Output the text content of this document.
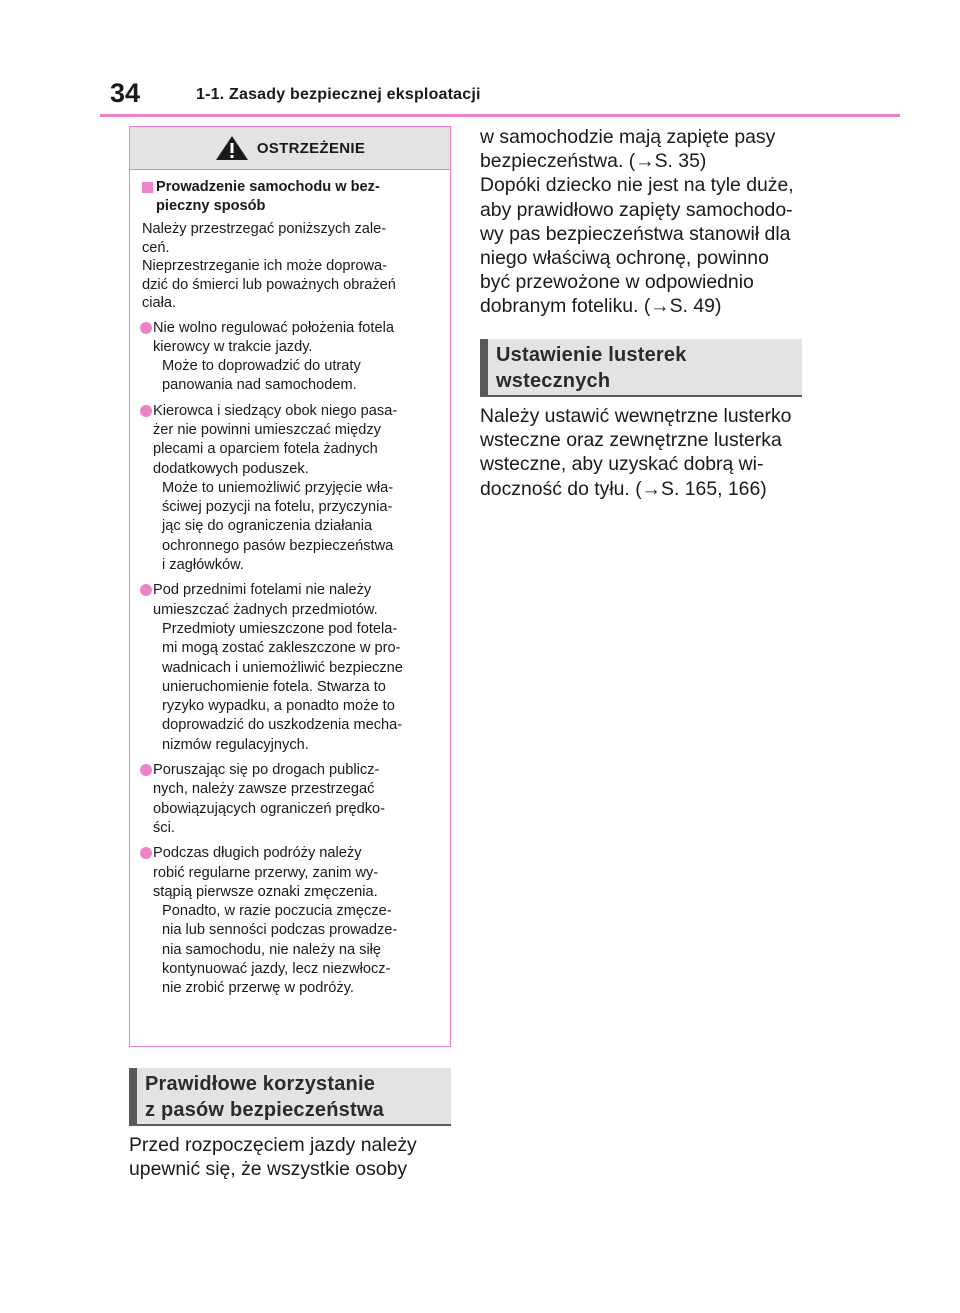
34	1-1. Zasady bezpiecznej eksploatacji
OSTRZEŻENIE
Prowadzenie samochodu w bez-
pieczny sposób
Należy przestrzegać poniższych zale-
ceń.
Nieprzestrzeganie ich może doprowa-
dzić do śmierci lub poważnych obrażeń
ciała.
Nie wolno regulować położenia fotela
kierowcy w trakcie jazdy.
Może to doprowadzić do utraty
panowania nad samochodem.
Kierowca i siedzący obok niego pasa-
żer nie powinni umieszczać między
plecami a oparciem fotela żadnych
dodatkowych poduszek.
Może to uniemożliwić przyjęcie wła-
ściwej pozycji na fotelu, przyczynia-
jąc się do ograniczenia działania
ochronnego pasów bezpieczeństwa
i zagłówków.
Pod przednimi fotelami nie należy
umieszczać żadnych przedmiotów.
Przedmioty umieszczone pod fotela-
mi mogą zostać zakleszczone w pro-
wadnicach i uniemożliwić bezpieczne
unieruchomienie fotela. Stwarza to
ryzyko wypadku, a ponadto może to
doprowadzić do uszkodzenia mecha-
nizmów regulacyjnych.
Poruszając się po drogach publicz-
nych, należy zawsze przestrzegać
obowiązujących ograniczeń prędko-
ści.
Podczas długich podróży należy
robić regularne przerwy, zanim wy-
stąpią pierwsze oznaki zmęczenia.
Ponadto, w razie poczucia zmęcze-
nia lub senności podczas prowadze-
nia samochodu, nie należy na siłę
kontynuować jazdy, lecz niezwłocz-
nie zrobić przerwę w podróży.
Prawidłowe korzystanie
z pasów bezpieczeństwa
Przed rozpoczęciem jazdy należy
upewnić się, że wszystkie osoby
w samochodzie mają zapięte pasy
bezpieczeństwa. (→S. 35)
Dopóki dziecko nie jest na tyle duże,
aby prawidłowo zapięty samochodo-
wy pas bezpieczeństwa stanowił dla
niego właściwą ochronę, powinno
być przewożone w odpowiednio
dobranym foteliku. (→S. 49)
Ustawienie lusterek
wstecznych
Należy ustawić wewnętrzne lusterko
wsteczne oraz zewnętrzne lusterka
wsteczne, aby uzyskać dobrą wi-
doczność do tyłu. (→S. 165, 166)
